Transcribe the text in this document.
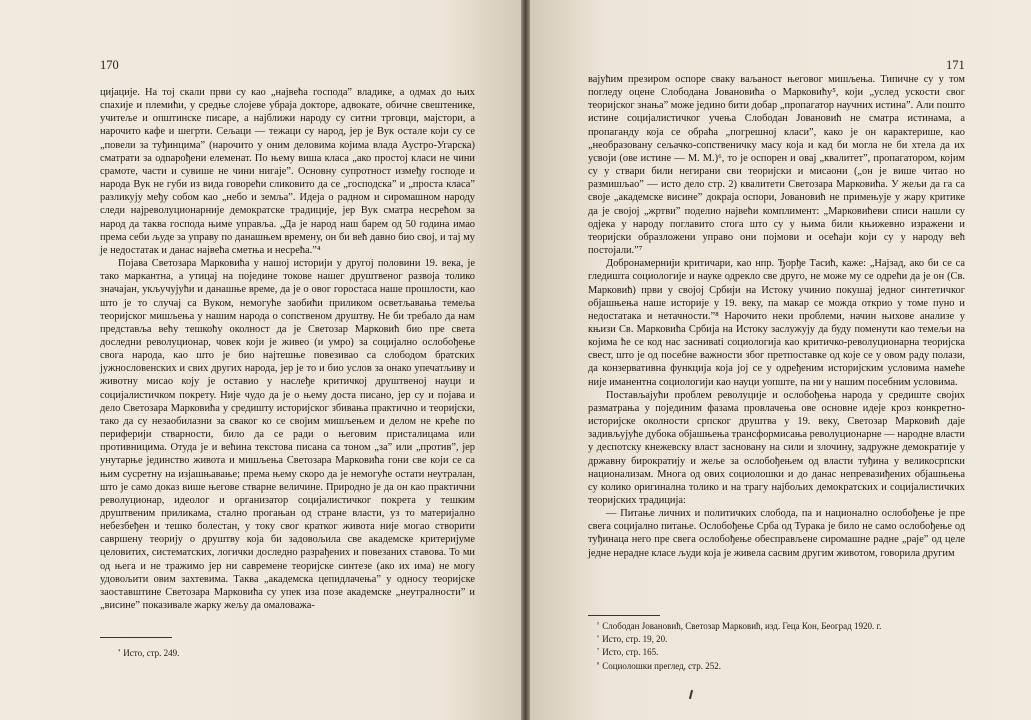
170

цијације. На тој скали први су као „највећа господа” владике, а одмах до њих спахије и племићи, у средње слојеве убраја докторе, адвокате, обичне свештенике, учитеље и општинске писаре, а најближи народу су ситни трговци, мајстори, а нарочито кафе и шегрти. Сељаци — тежаци су народ, јер је Вук остале који су се „повели за туђинцима” (нарочито у оним деловима којима влада Аустро-Угарска) сматрати за одnaрођени елеменат. По њему виша класа „ако простој класи не чини срамоте, части и сувише не чини нигаје”. Основну супротност између господе и народа Вук не губи из вида говорећи сликовито да се „господска” и „проста класа” разликују међу собом као „небо и земља”. Идеја о радном и сиромашном народу следи најреволуционарније демократске традиције, јер Вук сматра несрећом за народ да таква господа њиме управља. „Да је народ наш барем од 50 година имао према себи људе за управу по данашњем времену, он би већ давно био свој, и тај му је недостатак и данас највећа сметња и несрећа.”⁴

Појава Светозара Марковића у нашој историји у другој половини 19. века, је тако маркантна, а утицај на поједине токове нашег друштвеног развоја толико значајан, укључујући и данашње време, да је о овог горостаса наше прошлости, као што је то случај са Вуком, немогуће заобићи приликом осветљавања темеља теоријског мишљења у нашим народа о сопственом друштву. Не би требало да нам представља већу тешкоћу околност да је Светозар Марковић био пре света доследни револуционар, човек који је живео (и умро) за социјално ослобођење свога народа, као што је био најтешње повезивао са слободом братских јужнословенских и свих других народа, јер је то и био услов за онако упечатљиву и животну мисао коју је оставио у наслеђе критичкој друштвеној науци и социјалистичком покрету. Није чудо да је о њему доста писано, јер су и појава и дело Светозара Марковића у средишту историјског збивања практично и теоријски, тако да су незаобилазни за сваког ко се својим мишљењем и делом не креће по периферији стварности, било да се ради о његовим присталицама или противницима. Отуда је и већина текстова писана са тоном „за” или „против”, јер унутарње јединство живота и мишљења Светозара Марковића гони све који се са њим сусретну на изјашњавање; према њему скоро да је немогуће остати неутралан, што је само доказ више његове стварне величине. Природно је да он као практични револуционар, идеолог и организатор социјалистичког покрета у тешким друштвеним приликама, стално прогањан од стране власти, уз то материјално небезбеђен и тешко болестан, у току свог кратког живота није могао створити савршену теорију о друштву која би задовољила све академске критеријуме целовитих, систематских, логички доследно разрађених и повезаних ставова. То ми од њега и не тражимо јер ни савремене теоријске синтезе (ако их има) не могу удовољити овим захтевима. Таква „академска цепидлачења” у односу теоријске заоставштине Светозара Марковића су упек иза позе академске „неутралности” и „висине” показивале жарку жељу да омаловажа-

$^{^4}$ Исто, стр. 249.

171

вајућим презиром оспоре сваку ваљаност његовог мишљења. Типичне су у том погледу оцене Слободана Јовановића о Марковићу⁵, који „услед ускости свог теоријског знања” може једино бити добар „пропагатор научних истина”. Али пошто истине социјалистичког учења Слободан Јовановић не сматра истинама, а пропаганду која се обраћа „погрешној класи”, како је он карактерише, као „необразовану сељачко-сопственичку масу која и кад би могла не би хтела да их усвоји (ове истине — М. М.)⁶, то је оспорен и овај „квалитет”, пропагатором, којим су у ствари били негирани сви теоријски и мисаони („он је више читао но размишљао” — исто дело стр. 2) квалитети Светозара Марковића. У жељи да га са своје „академске висине” докраја оспори, Јовановић не примењује у жару критике да је својој „жртви” поделио највећи комплимент: „Марковићеви списи нашли су одјека у народу поглавито стога што су у њима били књижевно изражени и теоријски образложени управо они појмови и осећаји који су у народу већ постојали.”⁷

Добронамернији критичари, као нпр. Ђорђе Тасић, каже: „Најзад, ако би се са гледишта социологије и науке одрекло све друго, не може му се одрећи да је он (Св. Марковић) први у својој Србији на Истоку учинио покушај једног синтетичког објашњења наше историје у 19. веку, па макар се можда открио у томе пуно и недостатака и нетачности.”⁸ Нарочито неки проблеми, начин њихове анализе у књизи Св. Марковића Србија на Истоку заслужују да буду поменути као темељи на којима ће се код нас засниваti социологија као критичко-револуционарна теоријска свест, што је од посебне важности због претпоставке од које се у овом раду полази, да конзервативна функција која јој се у одређеним историјским условима намеће није иманентна социологији као науци уопште, па ни у нашим посебним условима.

Постављајући проблем револуције и ослобођења народа у средиште својих разматрања у појединим фазама провлачења ове основне идеје кроз конкретно-историјске околности српског друштва у 19. веку, Светозар Марковић даје задивљујуће дубока објашњења трансформисања револуционарне — народне власти у деспотску кнежевску власт засновану на сили и злочину, задружне демократије у државну бирократију и жеље за ослобођењем од власти туђина у великосрпски национализам. Многа од ових социолошки и до данас непревазиђених објашњења су колико оригинална толико и на трагу најбољих демократских и социјалистичких теоријских традиција:

— Питање личних и политичких слобода, па и национално ослобођење је пре свега социјално питање. Ослобођење Срба од Турака је било не само ослобођење од туђинаца него пре свега ослобођење обесправљене сиромашне радне „раје” од целе једне нерадне класе људи која је живела сасвим другим животом, говорила другим

$^{^5}$ Слободан Јовановић, Светозар Марковић, изд. Геца Кон, Београд 1920. г.

$^{^6}$ Исто, стр. 19, 20.

$^{^7}$ Исто, стр. 165.

$^{^8}$ Социолошки преглед, стр. 252.
